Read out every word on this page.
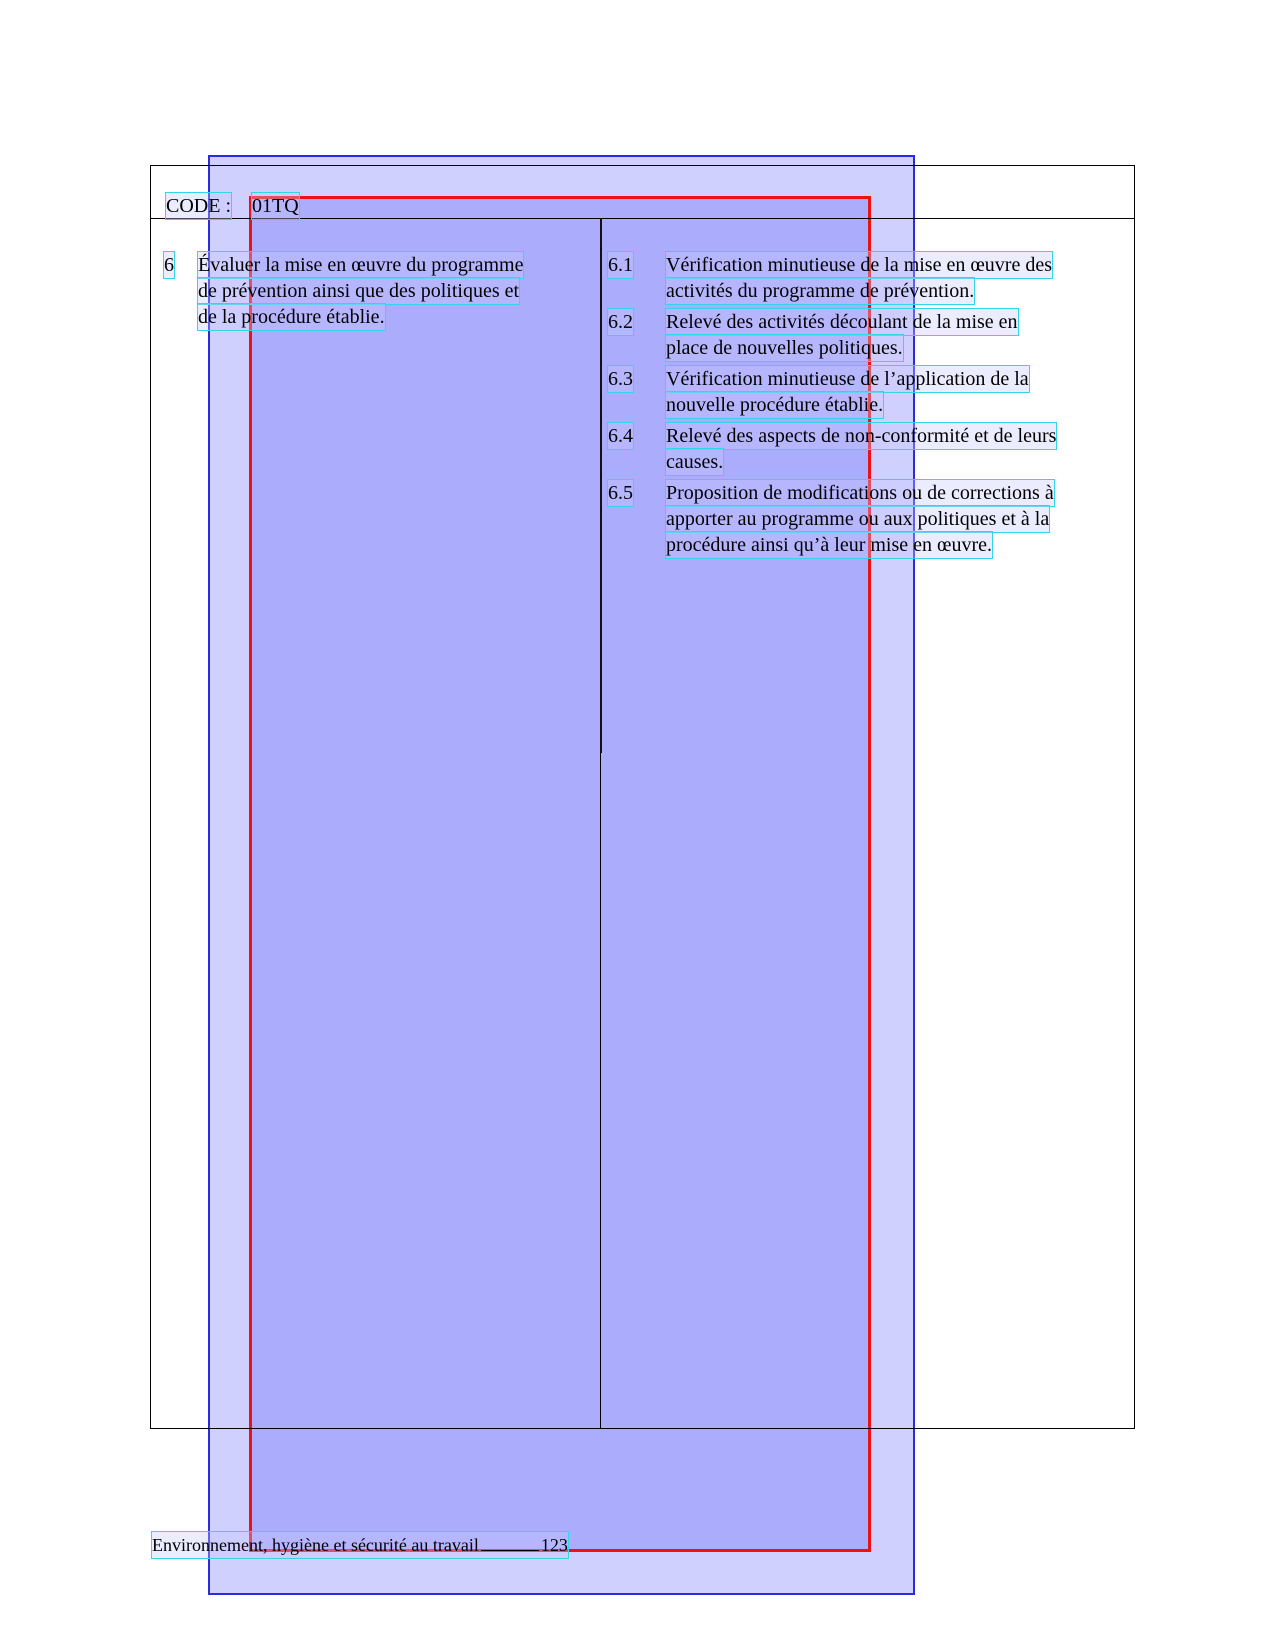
CODE : 01TQ
6 Évaluer la mise en œuvre du programme
de prévention ainsi que des politiques et
de la procédure établie.
6.1 Vérification minutieuse de la mise en œuvre des
activités du programme de prévention.
6.2 Relevé des activités découlant de la mise en
place de nouvelles politiques.
6.3 Vérification minutieuse de l’application de la
nouvelle procédure établie.
6.4 Relevé des aspects de non-conformité et de leurs
causes.
6.5 Proposition de modifications ou de corrections à
apporter au programme ou aux politiques et à la
procédure ainsi qu’à leur mise en œuvre.
Environnement, hygiène et sécurité au travail	123
